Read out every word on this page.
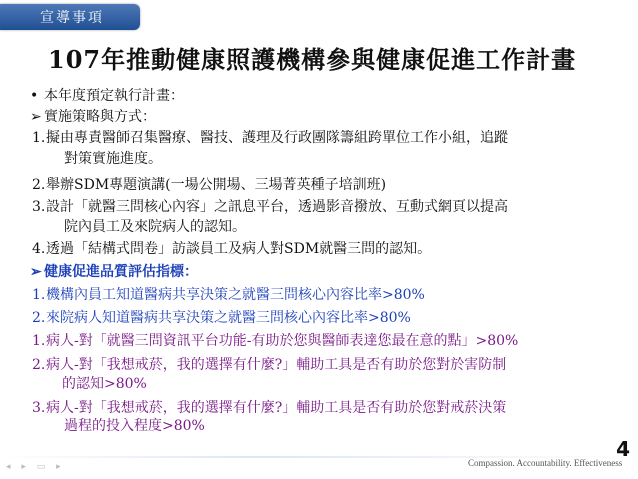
宣導事項
107年推動健康照護機構參與健康促進工作計畫
• 本年度預定執行計畫：
➢ 實施策略與方式：
1.擬由專責醫師召集醫療、醫技、護理及行政團隊籌組跨單位工作小組，追蹤
對策實施進度。
2.舉辦SDM專題演講(一場公開場、三場菁英種子培訓班)
3.設計「就醫三問核心內容」之訊息平台，透過影音撥放、互動式網頁以提高
院內員工及來院病人的認知。
4.透過「結構式問卷」訪談員工及病人對SDM就醫三問的認知。
➢ 健康促進品質評估指標：
1.機構內員工知道醫病共享決策之就醫三問核心內容比率>80%
2.來院病人知道醫病共享決策之就醫三問核心內容比率>80%
1.病人-對「就醫三問資訊平台功能-有助於您與醫師表達您最在意的點」>80%
2.病人-對「我想戒菸，我的選擇有什麼?」輔助工具是否有助於您對於害防制
的認知>80%
3.病人-對「我想戒菸，我的選擇有什麼?」輔助工具是否有助於您對戒菸決策
過程的投入程度>80%
◂ ▸ ▭ ▸
4
Compassion. Accountability. Effectiveness
